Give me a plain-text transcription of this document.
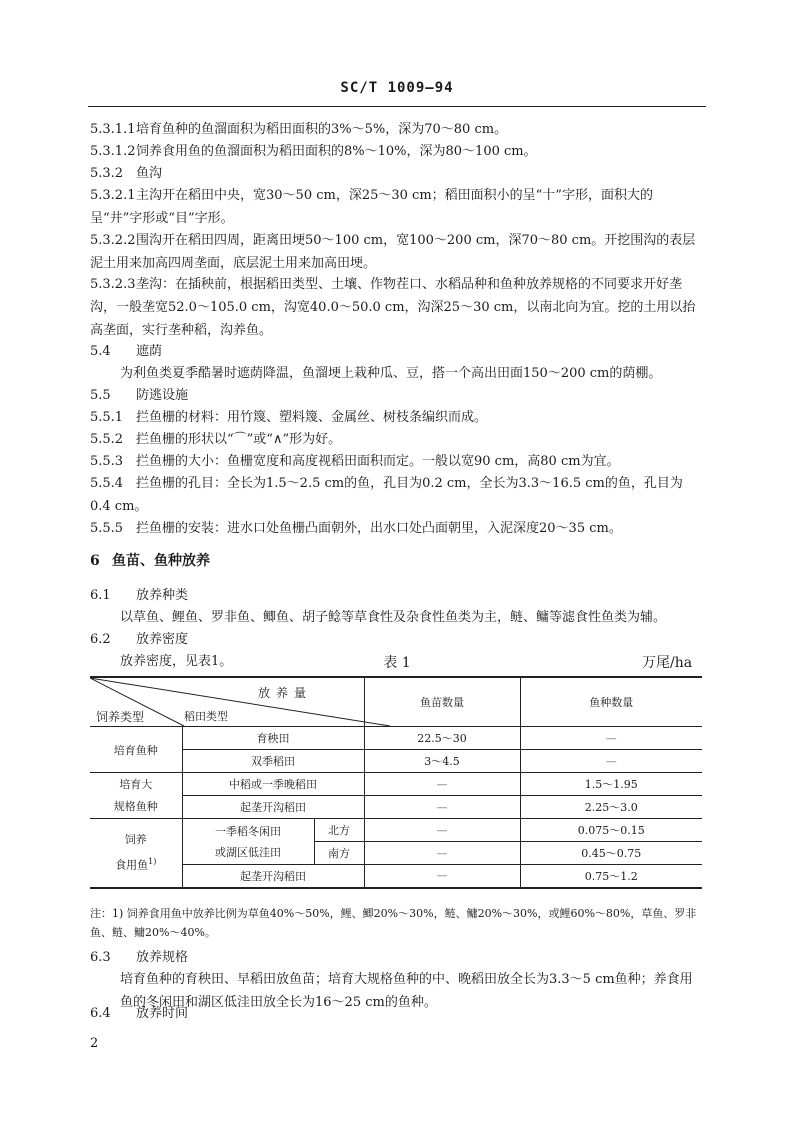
SC/T 1009—94
5.3.1.1培育鱼种的鱼溜面积为稻田面积的3%～5%，深为70～80 cm。
5.3.1.2饲养食用鱼的鱼溜面积为稻田面积的8%～10%，深为80～100 cm。
5.3.2 鱼沟
5.3.2.1主沟开在稻田中央，宽30～50 cm，深25～30 cm；稻田面积小的呈“十”字形，面积大的呈“井”字形或“目”字形。
5.3.2.2围沟开在稻田四周，距离田埂50～100 cm，宽100～200 cm，深70～80 cm。开挖围沟的表层泥土用来加高四周垄面，底层泥土用来加高田埂。
5.3.2.3垄沟：在插秧前，根据稻田类型、土壤、作物茬口、水稻品种和鱼种放养规格的不同要求开好垄沟，一般垄宽52.0～105.0 cm，沟宽40.0～50.0 cm，沟深25～30 cm，以南北向为宜。挖的土用以抬高垄面，实行垄种稻，沟养鱼。
5.4 遮荫
为利鱼类夏季酷暑时遮荫降温，鱼溜埂上栽种瓜、豆，搭一个高出田面150～200 cm的荫棚。
5.5 防逃设施
5.5.1 拦鱼栅的材料：用竹篾、塑料篾、金属丝、树枝条编织而成。
5.5.2 拦鱼栅的形状以“⌒”或“∧”形为好。
5.5.3 拦鱼栅的大小：鱼栅宽度和高度视稻田面积而定。一般以宽90 cm，高80 cm为宜。
5.5.4 拦鱼栅的孔目：全长为1.5～2.5 cm的鱼，孔目为0.2 cm，全长为3.3～16.5 cm的鱼，孔目为0.4 cm。
5.5.5 拦鱼栅的安装：进水口处鱼栅凸面朝外，出水口处凸面朝里，入泥深度20～35 cm。
6 鱼苗、鱼种放养
6.1 放养种类
以草鱼、鲤鱼、罗非鱼、鲫鱼、胡子鲶等草食性及杂食性鱼类为主，鲢、鳙等滤食性鱼类为辅。
6.2 放养密度
放养密度，见表1。	表 1	万尾/ha
放养量
稻田类型
饲养类型			鱼苗数量	鱼种数量
培育鱼种	育秧田		22.5～30	—
	双季稻田		3～4.5	—
培育大
规格鱼种	中稻或一季晚稻田		—	1.5～1.95
	起垄开沟稻田		—	2.25～3.0
饲养
食用鱼$^{1)}$	一季稻冬闲田
或湖区低洼田	北方	—	0.075～0.15
		南方	—	0.45～0.75
	起垄开沟稻田		—	0.75～1.2
注：1) 饲养食用鱼中放养比例为草鱼40%～50%，鲤、鲫20%～30%，鲢、鳙20%～30%，或鲤60%～80%，草鱼、罗非鱼、鲢、鳙20%～40%。
6.3 放养规格
培育鱼种的育秧田、早稻田放鱼苗；培育大规格鱼种的中、晚稻田放全长为3.3～5 cm鱼种；养食用鱼的冬闲田和湖区低洼田放全长为16～25 cm的鱼种。
6.4 放养时间
2
